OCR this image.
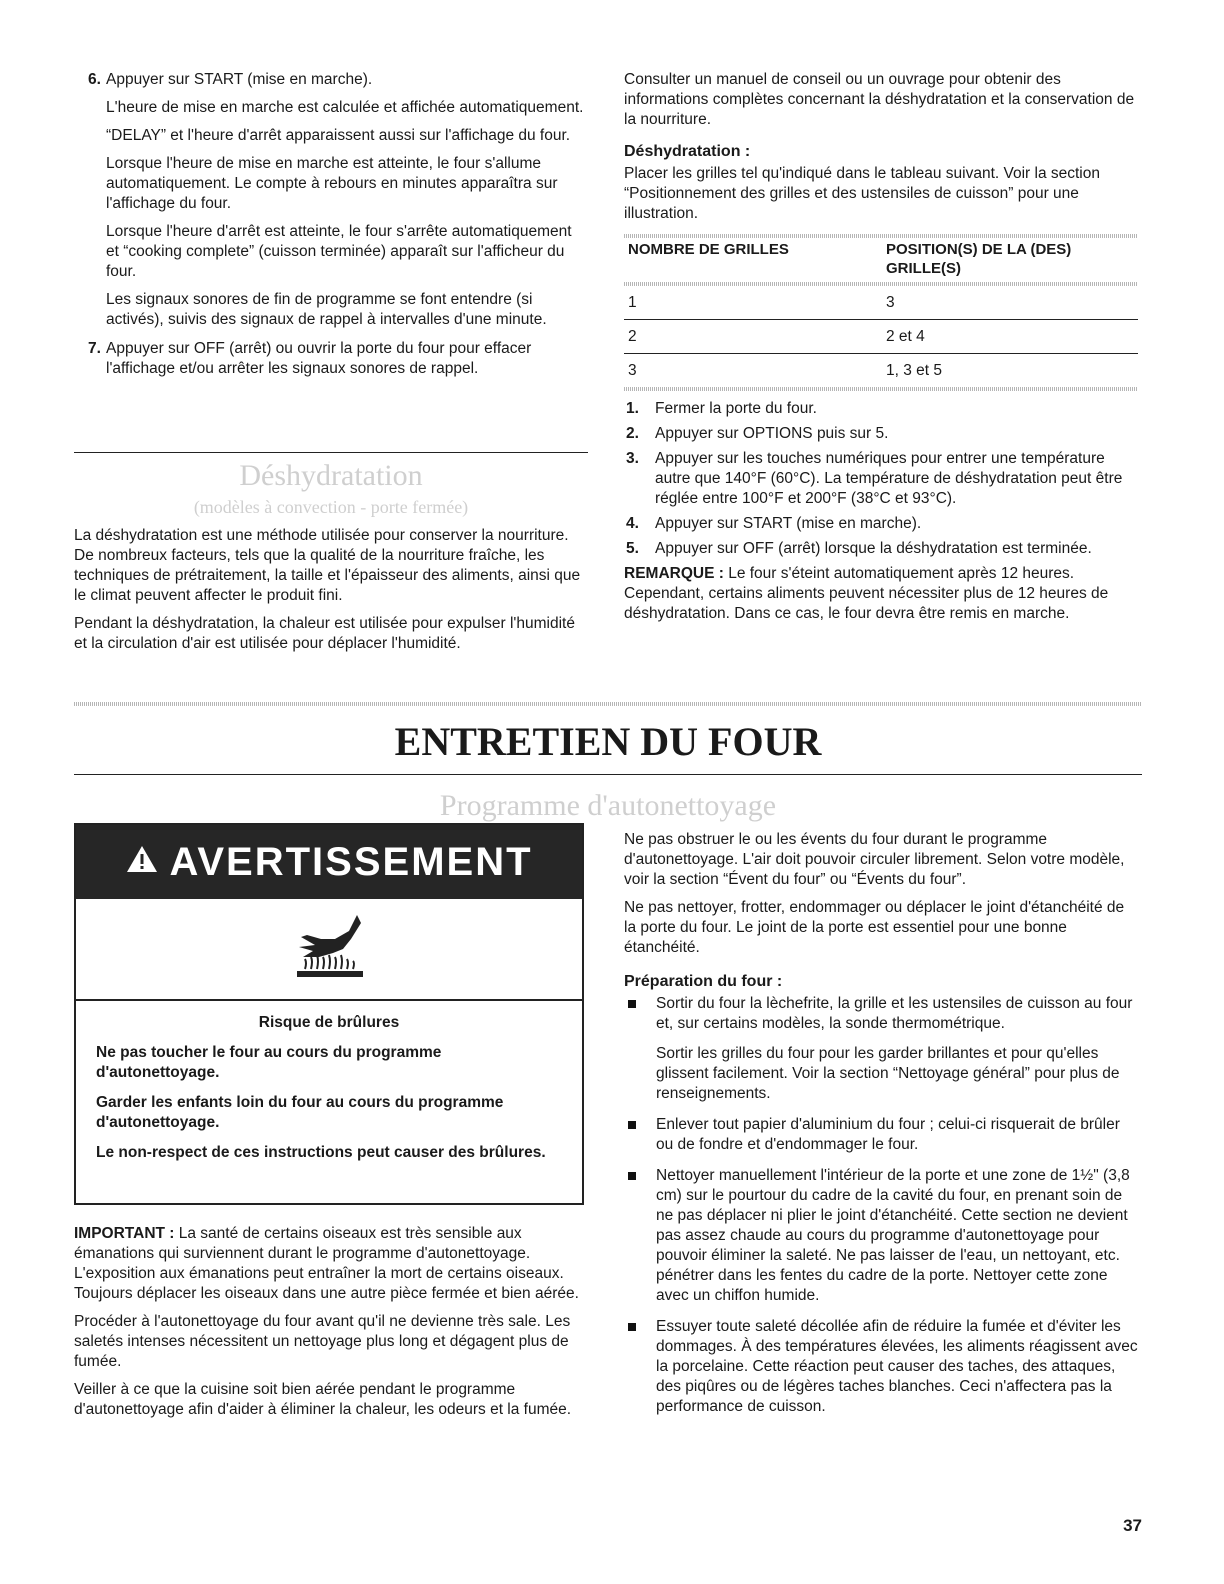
6. Appuyer sur START (mise en marche).

L'heure de mise en marche est calculée et affichée automatiquement.

“DELAY” et l'heure d'arrêt apparaissent aussi sur l'affichage du four.

Lorsque l'heure de mise en marche est atteinte, le four s'allume automatiquement. Le compte à rebours en minutes apparaîtra sur l'affichage du four.

Lorsque l'heure d'arrêt est atteinte, le four s'arrête automatiquement et “cooking complete” (cuisson terminée) apparaît sur l'afficheur du four.

Les signaux sonores de fin de programme se font entendre (si activés), suivis des signaux de rappel à intervalles d'une minute.

7. Appuyer sur OFF (arrêt) ou ouvrir la porte du four pour effacer l'affichage et/ou arrêter les signaux sonores de rappel.

Déshydratation
(modèles à convection - porte fermée)

La déshydratation est une méthode utilisée pour conserver la nourriture. De nombreux facteurs, tels que la qualité de la nourriture fraîche, les techniques de prétraitement, la taille et l'épaisseur des aliments, ainsi que le climat peuvent affecter le produit fini.

Pendant la déshydratation, la chaleur est utilisée pour expulser l'humidité et la circulation d'air est utilisée pour déplacer l'humidité.

Consulter un manuel de conseil ou un ouvrage pour obtenir des informations complètes concernant la déshydratation et la conservation de la nourriture.

Déshydratation :

Placer les grilles tel qu'indiqué dans le tableau suivant. Voir la section “Positionnement des grilles et des ustensiles de cuisson” pour une illustration.

NOMBRE DE GRILLES	POSITION(S) DE LA (DES) GRILLE(S)
1	3
2	2 et 4
3	1, 3 et 5
1. Fermer la porte du four.

2. Appuyer sur OPTIONS puis sur 5.

3. Appuyer sur les touches numériques pour entrer une température autre que 140°F (60°C). La température de déshydratation peut être réglée entre 100°F et 200°F (38°C et 93°C).

4. Appuyer sur START (mise en marche).

5. Appuyer sur OFF (arrêt) lorsque la déshydratation est terminée.

REMARQUE : Le four s'éteint automatiquement après 12 heures. Cependant, certains aliments peuvent nécessiter plus de 12 heures de déshydratation. Dans ce cas, le four devra être remis en marche.

ENTRETIEN DU FOUR
Programme d'autonettoyage
AVERTISSEMENT

Risque de brûlures

Ne pas toucher le four au cours du programme d'autonettoyage.

Garder les enfants loin du four au cours du programme d'autonettoyage.

Le non-respect de ces instructions peut causer des brûlures.

IMPORTANT : La santé de certains oiseaux est très sensible aux émanations qui surviennent durant le programme d'autonettoyage. L'exposition aux émanations peut entraîner la mort de certains oiseaux. Toujours déplacer les oiseaux dans une autre pièce fermée et bien aérée.

Procéder à l'autonettoyage du four avant qu'il ne devienne très sale. Les saletés intenses nécessitent un nettoyage plus long et dégagent plus de fumée.

Veiller à ce que la cuisine soit bien aérée pendant le programme d'autonettoyage afin d'aider à éliminer la chaleur, les odeurs et la fumée.

Ne pas obstruer le ou les évents du four durant le programme d'autonettoyage. L'air doit pouvoir circuler librement. Selon votre modèle, voir la section “Évent du four” ou “Évents du four”.

Ne pas nettoyer, frotter, endommager ou déplacer le joint d'étanchéité de la porte du four. Le joint de la porte est essentiel pour une bonne étanchéité.

Préparation du four :

Sortir du four la lèchefrite, la grille et les ustensiles de cuisson au four et, sur certains modèles, la sonde thermométrique.

Sortir les grilles du four pour les garder brillantes et pour qu'elles glissent facilement. Voir la section “Nettoyage général” pour plus de renseignements.

Enlever tout papier d'aluminium du four ; celui-ci risquerait de brûler ou de fondre et d'endommager le four.

Nettoyer manuellement l'intérieur de la porte et une zone de 1½" (3,8 cm) sur le pourtour du cadre de la cavité du four, en prenant soin de ne pas déplacer ni plier le joint d'étanchéité. Cette section ne devient pas assez chaude au cours du programme d'autonettoyage pour pouvoir éliminer la saleté. Ne pas laisser de l'eau, un nettoyant, etc. pénétrer dans les fentes du cadre de la porte. Nettoyer cette zone avec un chiffon humide.

Essuyer toute saleté décollée afin de réduire la fumée et d'éviter les dommages. À des températures élevées, les aliments réagissent avec la porcelaine. Cette réaction peut causer des taches, des attaques, des piqûres ou de légères taches blanches. Ceci n'affectera pas la performance de cuisson.

37
